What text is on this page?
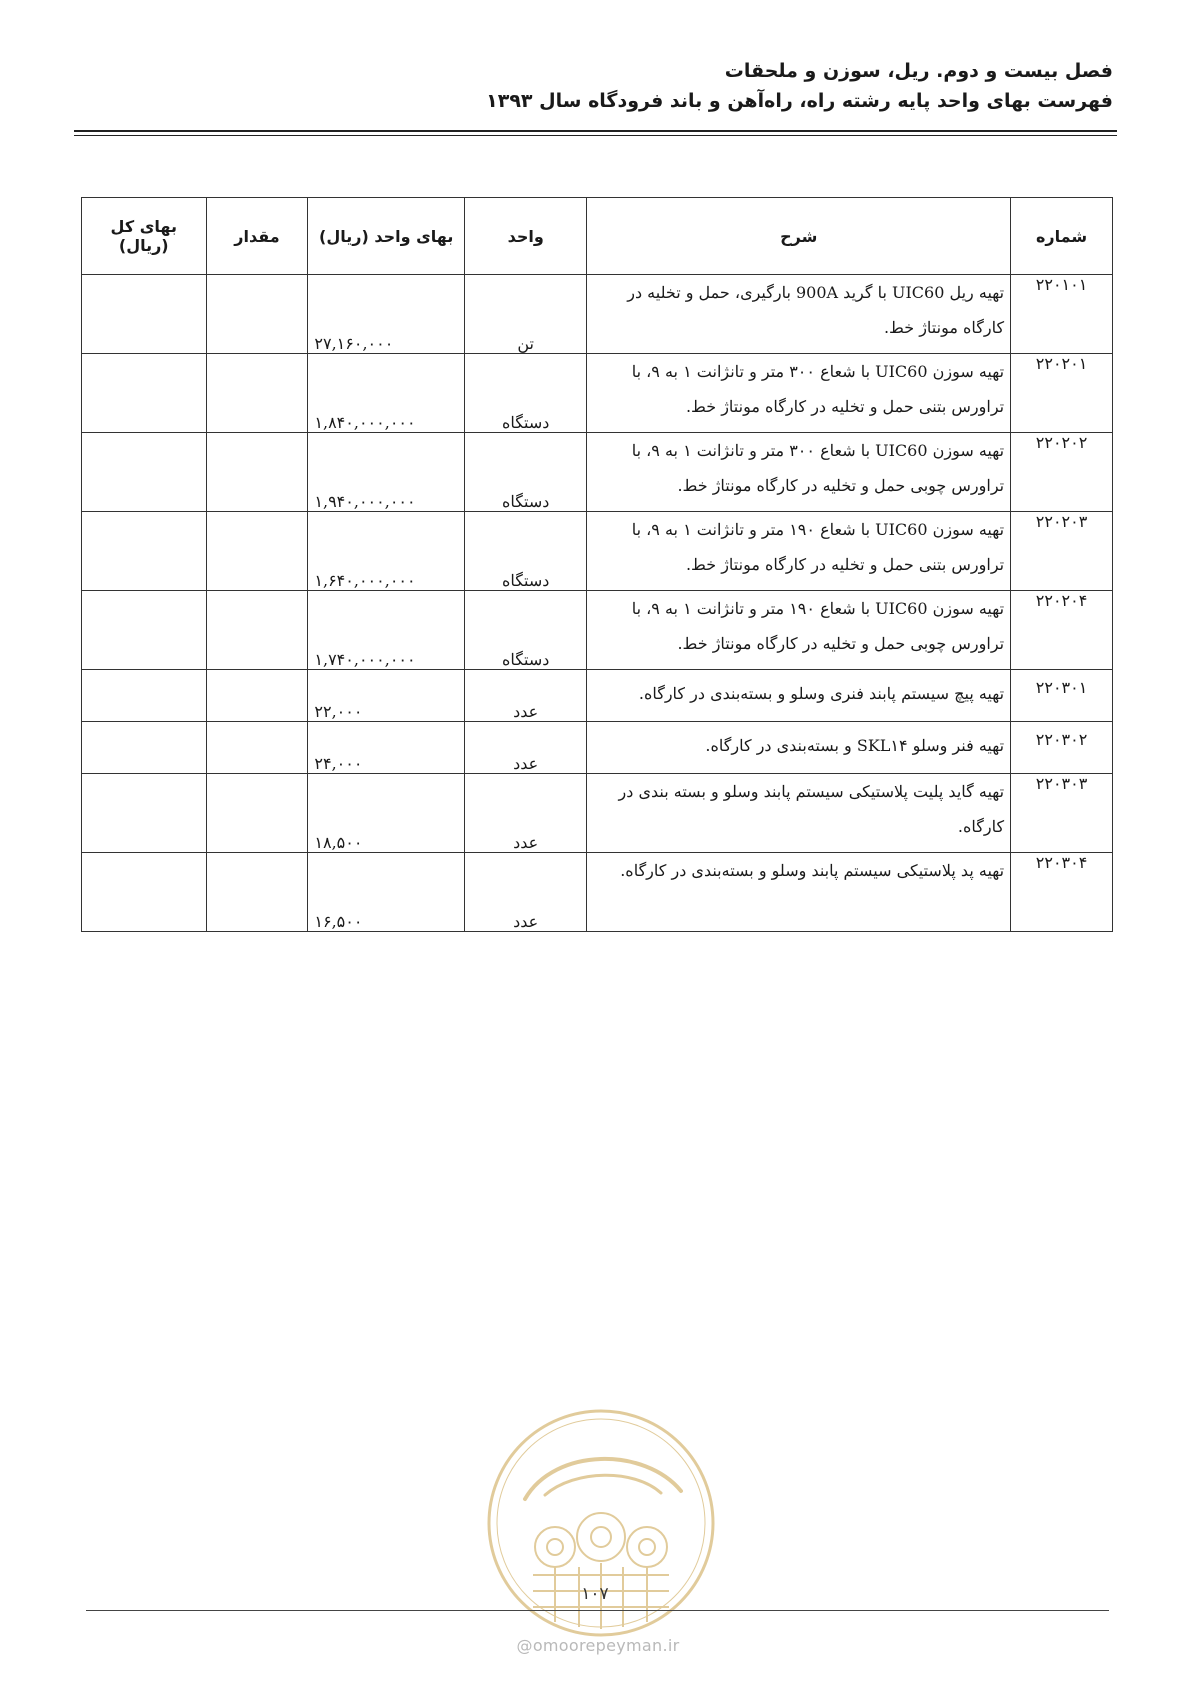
فصل بیست و دوم. ریل، سوزن و ملحقات
فهرست بهای واحد پایه رشته راه، راه‌آهن و باند فرودگاه سال ۱۳۹۳
شماره	شرح	واحد	بهای واحد (ریال)	مقدار	بهای کل (ریال)
۲۲۰۱۰۱	تهیه ریل UIC60 با گرید 900A بارگیری، حمل و تخلیه در کارگاه مونتاژ خط.	تن	۲۷,۱۶۰,۰۰۰		
۲۲۰۲۰۱	تهیه سوزن UIC60 با شعاع ۳۰۰ متر و تانژانت ۱ به ۹، با تراورس بتنی حمل و تخلیه در کارگاه مونتاژ خط.	دستگاه	۱,۸۴۰,۰۰۰,۰۰۰		
۲۲۰۲۰۲	تهیه سوزن UIC60 با شعاع ۳۰۰ متر و تانژانت ۱ به ۹، با تراورس چوبی حمل و تخلیه در کارگاه مونتاژ خط.	دستگاه	۱,۹۴۰,۰۰۰,۰۰۰		
۲۲۰۲۰۳	تهیه سوزن UIC60 با شعاع ۱۹۰ متر و تانژانت ۱ به ۹، با تراورس بتنی حمل و تخلیه در کارگاه مونتاژ خط.	دستگاه	۱,۶۴۰,۰۰۰,۰۰۰		
۲۲۰۲۰۴	تهیه سوزن UIC60 با شعاع ۱۹۰ متر و تانژانت ۱ به ۹، با تراورس چوبی حمل و تخلیه در کارگاه مونتاژ خط.	دستگاه	۱,۷۴۰,۰۰۰,۰۰۰		
۲۲۰۳۰۱	تهیه پیچ سیستم پابند فنری وسلو و بسته‌بندی در کارگاه.	عدد	۲۲,۰۰۰		
۲۲۰۳۰۲	تهیه فنر وسلو SKL۱۴ و بسته‌بندی در کارگاه.	عدد	۲۴,۰۰۰		
۲۲۰۳۰۳	تهیه گاید پلیت پلاستیکی سیستم پابند وسلو و بسته بندی در کارگاه.	عدد	۱۸,۵۰۰		
۲۲۰۳۰۴	تهیه پد پلاستیکی سیستم پابند وسلو و بسته‌بندی در کارگاه.	عدد	۱۶,۵۰۰		
۱۰۷
@omoorepeyman.ir
